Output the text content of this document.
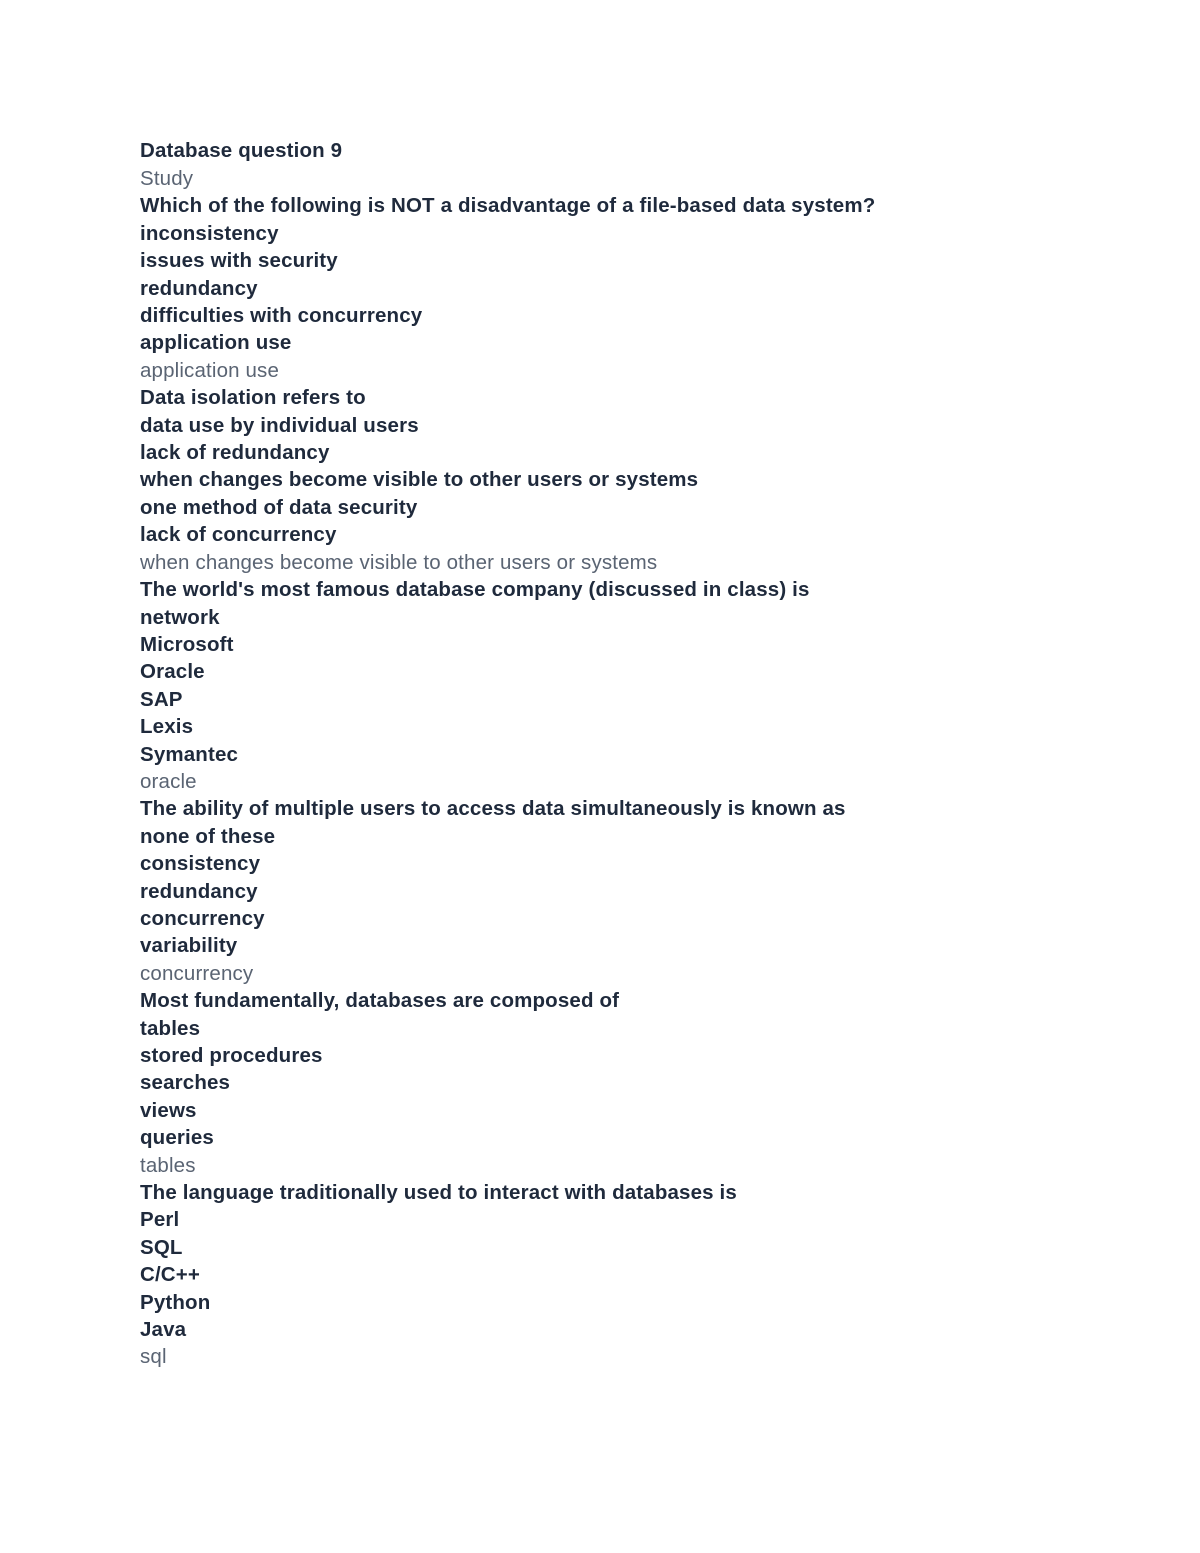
Database question 9
Study
Which of the following is NOT a disadvantage of a file-based data system?
inconsistency
issues with security
redundancy
difficulties with concurrency
application use
application use
Data isolation refers to
data use by individual users
lack of redundancy
when changes become visible to other users or systems
one method of data security
lack of concurrency
when changes become visible to other users or systems
The world's most famous database company (discussed in class) is
network
Microsoft
Oracle
SAP
Lexis
Symantec
oracle
The ability of multiple users to access data simultaneously is known as
none of these
consistency
redundancy
concurrency
variability
concurrency
Most fundamentally, databases are composed of
tables
stored procedures
searches
views
queries
tables
The language traditionally used to interact with databases is
Perl
SQL
C/C++
Python
Java
sql
